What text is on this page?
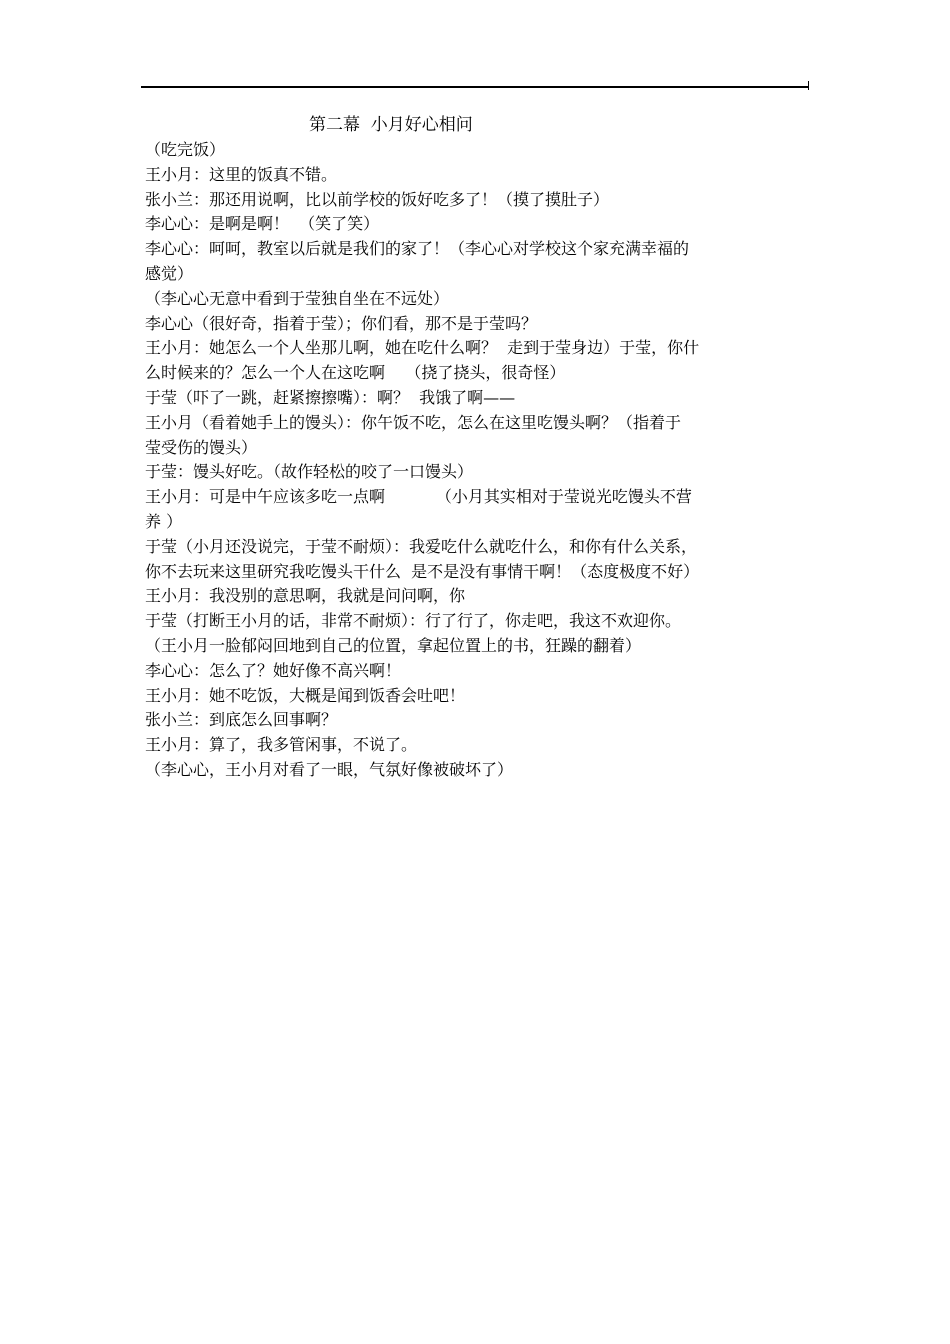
第二幕  小月好心相问

（吃完饭）

王小月：这里的饭真不错。

张小兰：那还用说啊，比以前学校的饭好吃多了！（摸了摸肚子）

李心心：是啊是啊！  （笑了笑）

李心心：呵呵，教室以后就是我们的家了！（李心心对学校这个家充满幸福的

感觉）

（李心心无意中看到于莹独自坐在不远处）

李心心（很好奇，指着于莹）；你们看，那不是于莹吗？

王小月：她怎么一个人坐那儿啊，她在吃什么啊？  走到于莹身边）于莹，你什

么时候来的？怎么一个人在这吃啊    （挠了挠头，很奇怪）

于莹（吓了一跳，赶紧擦擦嘴）：啊？  我饿了啊——

王小月（看着她手上的馒头）：你午饭不吃，怎么在这里吃馒头啊？（指着于

莹受伤的馒头）

于莹：馒头好吃。（故作轻松的咬了一口馒头）

王小月：可是中午应该多吃一点啊          （小月其实相对于莹说光吃馒头不营

养 ）

于莹（小月还没说完，于莹不耐烦）：我爱吃什么就吃什么，和你有什么关系，

你不去玩来这里研究我吃馒头干什么  是不是没有事情干啊！（态度极度不好）

王小月：我没别的意思啊，我就是问问啊，你

于莹（打断王小月的话，非常不耐烦）：行了行了，你走吧，我这不欢迎你。

（王小月一脸郁闷回地到自己的位置，拿起位置上的书，狂躁的翻着）

李心心：怎么了？她好像不高兴啊！

王小月：她不吃饭，大概是闻到饭香会吐吧！

张小兰：到底怎么回事啊？

王小月：算了，我多管闲事，不说了。

（李心心，王小月对看了一眼，气氛好像被破坏了）
